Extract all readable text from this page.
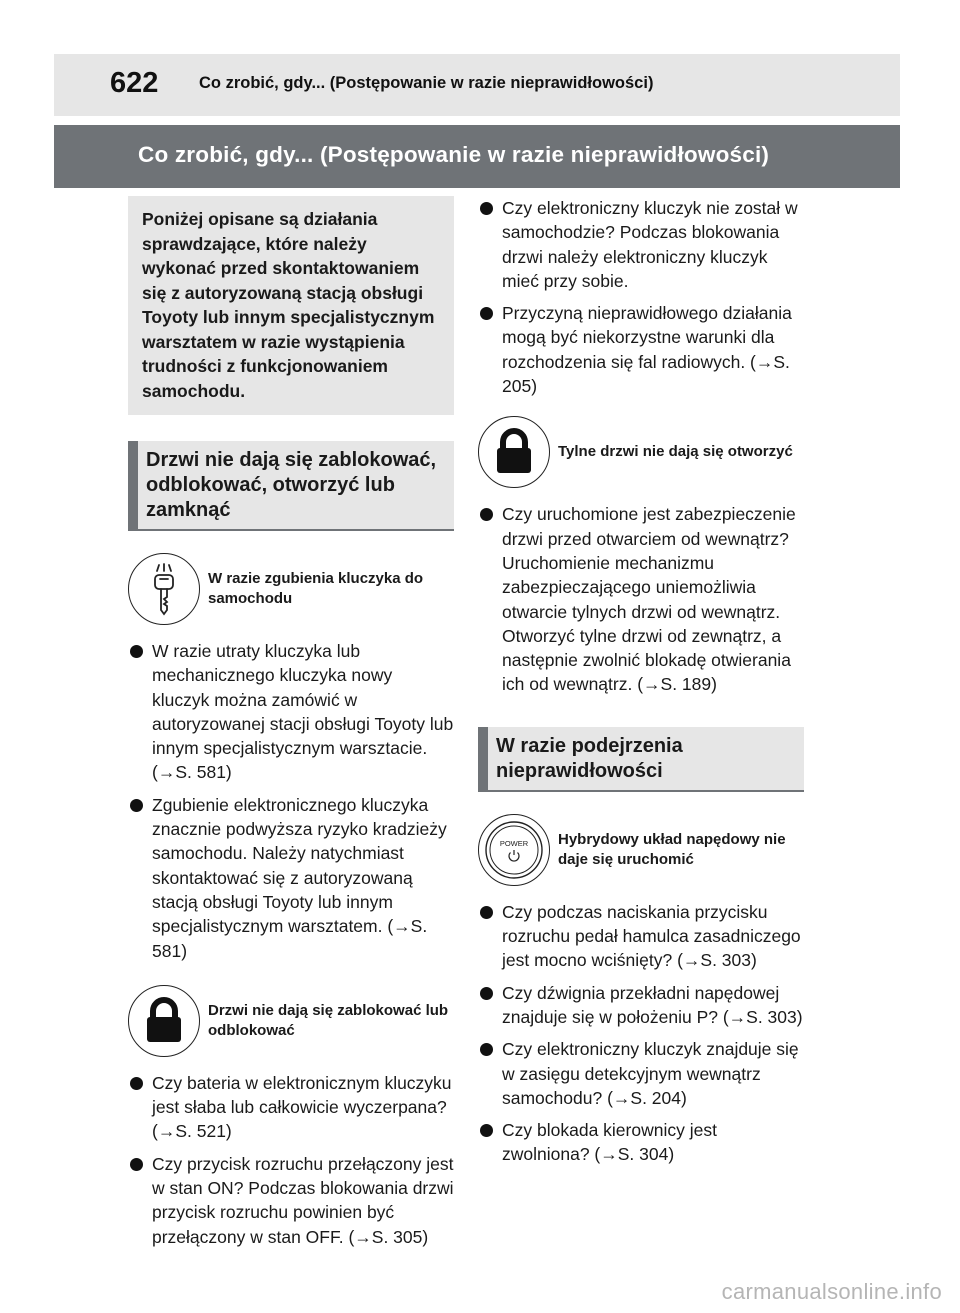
622 Co zrobić, gdy... (Postępowanie w razie nieprawidłowości)
Co zrobić, gdy... (Postępowanie w razie nieprawidłowości)
Poniżej opisane są działania sprawdzające, które należy wykonać przed skontaktowaniem się z autoryzowaną stacją obsługi Toyoty lub innym specjalistycznym warsztatem w razie wystąpienia trudności z funkcjonowaniem samochodu.
Drzwi nie dają się zablokować, odblokować, otworzyć lub zamknąć
W razie zgubienia kluczyka do samochodu
W razie utraty kluczyka lub mechanicznego kluczyka nowy kluczyk można zamówić w autoryzowanej stacji obsługi Toyoty lub innym specjalistycznym warsztacie. (→S. 581)
Zgubienie elektronicznego kluczyka znacznie podwyższa ryzyko kradzieży samochodu. Należy natychmiast skontaktować się z autoryzowaną stacją obsługi Toyoty lub innym specjalistycznym warsztatem. (→S. 581)
Drzwi nie dają się zablokować lub odblokować
Czy bateria w elektronicznym kluczyku jest słaba lub całkowicie wyczerpana? (→S. 521)
Czy przycisk rozruchu przełączony jest w stan ON? Podczas blokowania drzwi przycisk rozruchu powinien być przełączony w stan OFF. (→S. 305)
Czy elektroniczny kluczyk nie został w samochodzie? Podczas blokowania drzwi należy elektroniczny kluczyk mieć przy sobie.
Przyczyną nieprawidłowego działania mogą być niekorzystne warunki dla rozchodzenia się fal radiowych. (→S. 205)
Tylne drzwi nie dają się otworzyć
Czy uruchomione jest zabezpieczenie drzwi przed otwarciem od wewnątrz? Uruchomienie mechanizmu zabezpieczającego uniemożliwia otwarcie tylnych drzwi od wewnątrz. Otworzyć tylne drzwi od zewnątrz, a następnie zwolnić blokadę otwierania ich od wewnątrz. (→S. 189)
W razie podejrzenia nieprawidłowości
POWER Hybrydowy układ napędowy nie daje się uruchomić
Czy podczas naciskania przycisku rozruchu pedał hamulca zasadniczego jest mocno wciśnięty? (→S. 303)
Czy dźwignia przekładni napędowej znajduje się w położeniu P? (→S. 303)
Czy elektroniczny kluczyk znajduje się w zasięgu detekcyjnym wewnątrz samochodu? (→S. 204)
Czy blokada kierownicy jest zwolniona? (→S. 304)
carmanualsonline.info
